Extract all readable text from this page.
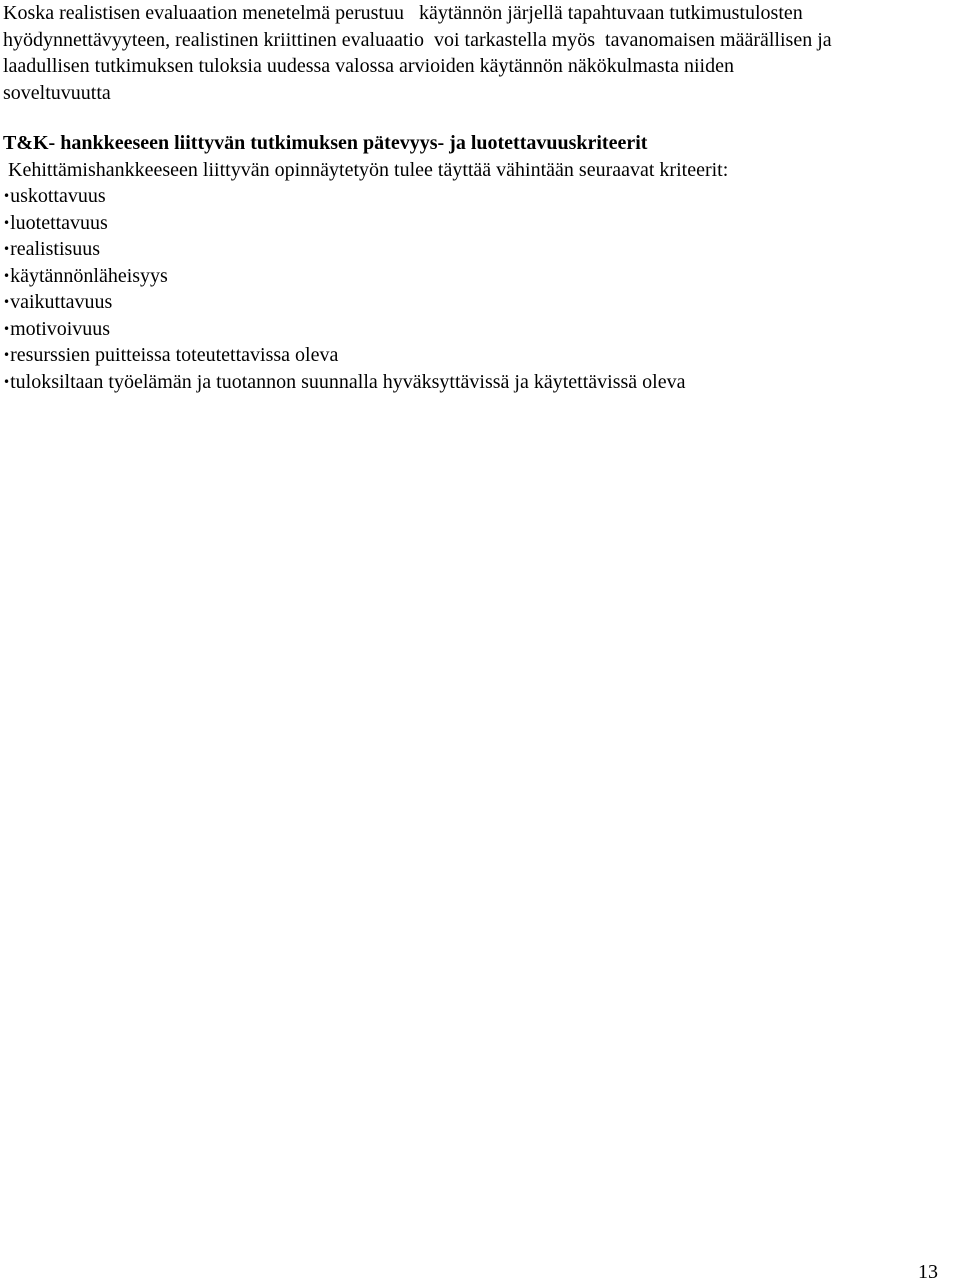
Koska realistisen evaluaation menetelmä perustuu   käytännön järjellä tapahtuvaan tutkimustulosten
hyödynnettävyyteen, realistinen kriittinen evaluaatio  voi tarkastella myös  tavanomaisen määrällisen ja
laadullisen tutkimuksen tuloksia uudessa valossa arvioiden käytännön näkökulmasta niiden
soveltuvuutta

T&K- hankkeeseen liittyvän tutkimuksen pätevyys- ja luotettavuuskriteerit

Kehittämishankkeeseen liittyvän opinnäytetyön tulee täyttää vähintään seuraavat kriteerit:

•uskottavuus
•luotettavuus
•realistisuus
•käytännönläheisyys
•vaikuttavuus
•motivoivuus
•resurssien puitteissa toteutettavissa oleva
•tuloksiltaan työelämän ja tuotannon suunnalla hyväksyttävissä ja käytettävissä oleva
13
